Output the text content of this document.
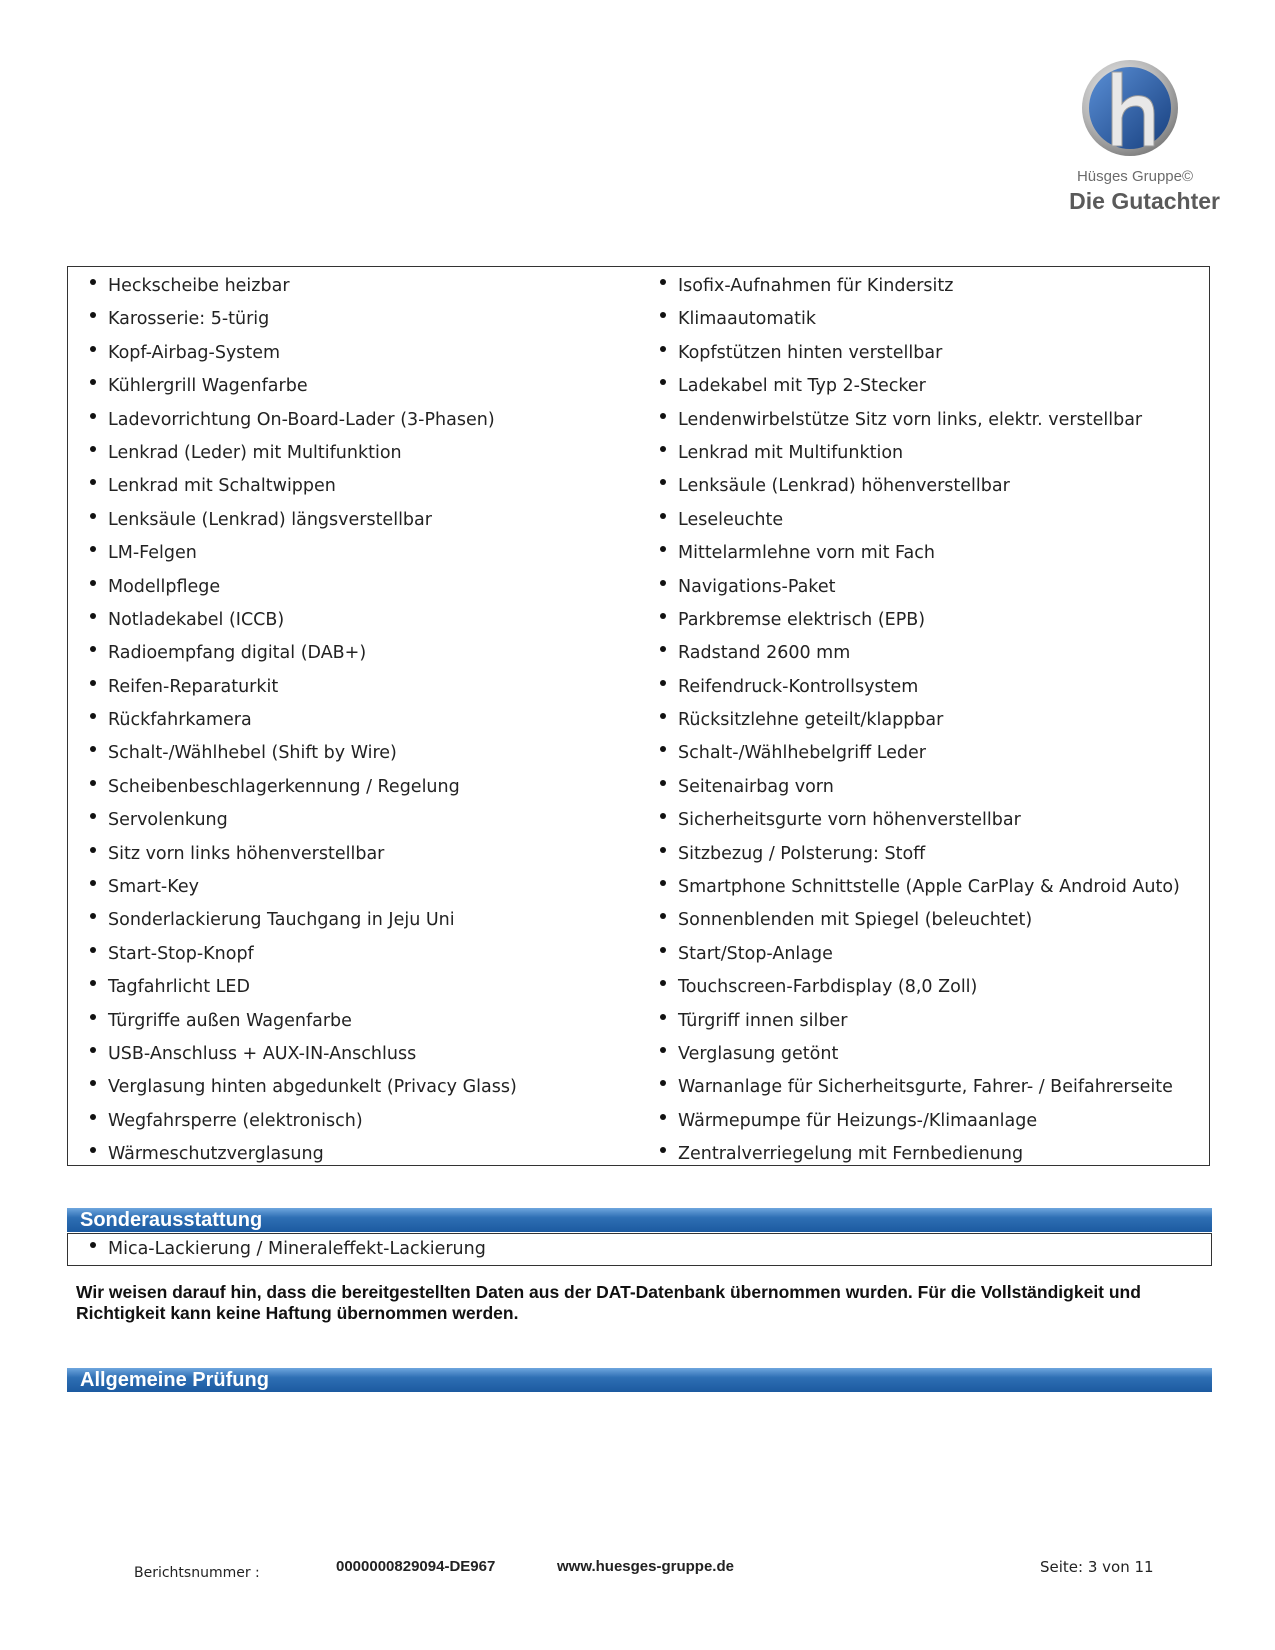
Hüsges Gruppe©
Die Gutachter
Heckscheibe heizbar
Karosserie: 5-türig
Kopf-Airbag-System
Kühlergrill Wagenfarbe
Ladevorrichtung On-Board-Lader (3-Phasen)
Lenkrad (Leder) mit Multifunktion
Lenkrad mit Schaltwippen
Lenksäule (Lenkrad) längsverstellbar
LM-Felgen
Modellpflege
Notladekabel (ICCB)
Radioempfang digital (DAB+)
Reifen-Reparaturkit
Rückfahrkamera
Schalt-/Wählhebel (Shift by Wire)
Scheibenbeschlagerkennung / Regelung
Servolenkung
Sitz vorn links höhenverstellbar
Smart-Key
Sonderlackierung Tauchgang in Jeju Uni
Start-Stop-Knopf
Tagfahrlicht LED
Türgriffe außen Wagenfarbe
USB-Anschluss + AUX-IN-Anschluss
Verglasung hinten abgedunkelt (Privacy Glass)
Wegfahrsperre (elektronisch)
Wärmeschutzverglasung
Isofix-Aufnahmen für Kindersitz
Klimaautomatik
Kopfstützen hinten verstellbar
Ladekabel mit Typ 2-Stecker
Lendenwirbelstütze Sitz vorn links, elektr. verstellbar
Lenkrad mit Multifunktion
Lenksäule (Lenkrad) höhenverstellbar
Leseleuchte
Mittelarmlehne vorn mit Fach
Navigations-Paket
Parkbremse elektrisch (EPB)
Radstand 2600 mm
Reifendruck-Kontrollsystem
Rücksitzlehne geteilt/klappbar
Schalt-/Wählhebelgriff Leder
Seitenairbag vorn
Sicherheitsgurte vorn höhenverstellbar
Sitzbezug / Polsterung: Stoff
Smartphone Schnittstelle (Apple CarPlay & Android Auto)
Sonnenblenden mit Spiegel (beleuchtet)
Start/Stop-Anlage
Touchscreen-Farbdisplay (8,0 Zoll)
Türgriff innen silber
Verglasung getönt
Warnanlage für Sicherheitsgurte, Fahrer- / Beifahrerseite
Wärmepumpe für Heizungs-/Klimaanlage
Zentralverriegelung mit Fernbedienung
Sonderausstattung
Mica-Lackierung / Mineraleffekt-Lackierung
Wir weisen darauf hin, dass die bereitgestellten Daten aus der DAT-Datenbank übernommen wurden. Für die Vollständigkeit und Richtigkeit kann keine Haftung übernommen werden.
Allgemeine Prüfung
Berichtsnummer :	0000000829094-DE967	www.huesges-gruppe.de	Seite: 3 von 11
